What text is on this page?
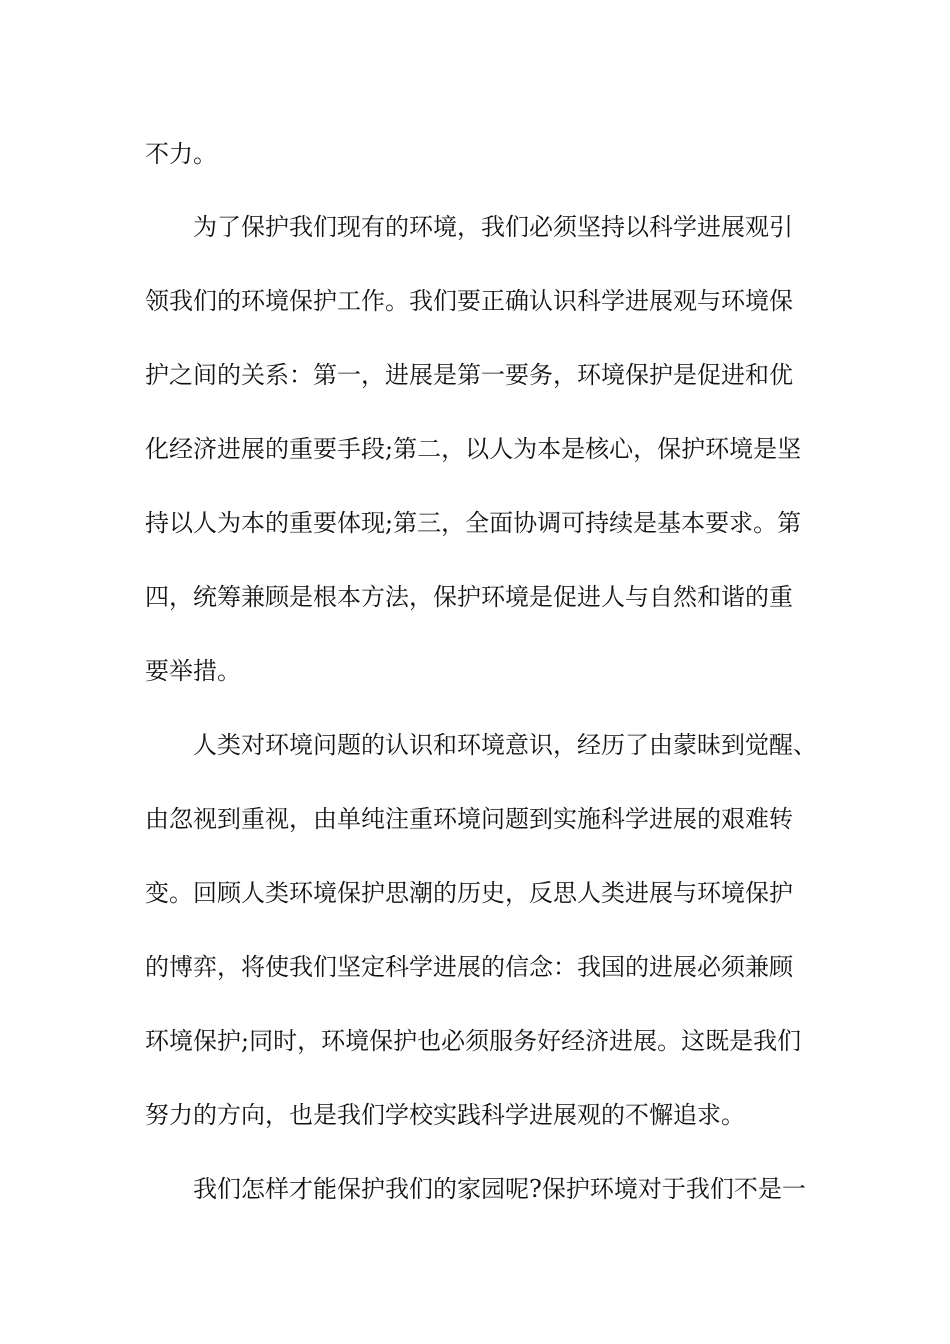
不力。
为了保护我们现有的环境，我们必须坚持以科学进展观引
领我们的环境保护工作。我们要正确认识科学进展观与环境保
护之间的关系：第一，进展是第一要务，环境保护是促进和优
化经济进展的重要手段;第二，以人为本是核心，保护环境是坚
持以人为本的重要体现;第三，全面协调可持续是基本要求。第
四，统筹兼顾是根本方法，保护环境是促进人与自然和谐的重
要举措。
人类对环境问题的认识和环境意识，经历了由蒙昧到觉醒、
由忽视到重视，由单纯注重环境问题到实施科学进展的艰难转
变。回顾人类环境保护思潮的历史，反思人类进展与环境保护
的博弈，将使我们坚定科学进展的信念：我国的进展必须兼顾
环境保护;同时，环境保护也必须服务好经济进展。这既是我们
努力的方向，也是我们学校实践科学进展观的不懈追求。
我们怎样才能保护我们的家园呢?保护环境对于我们不是一
